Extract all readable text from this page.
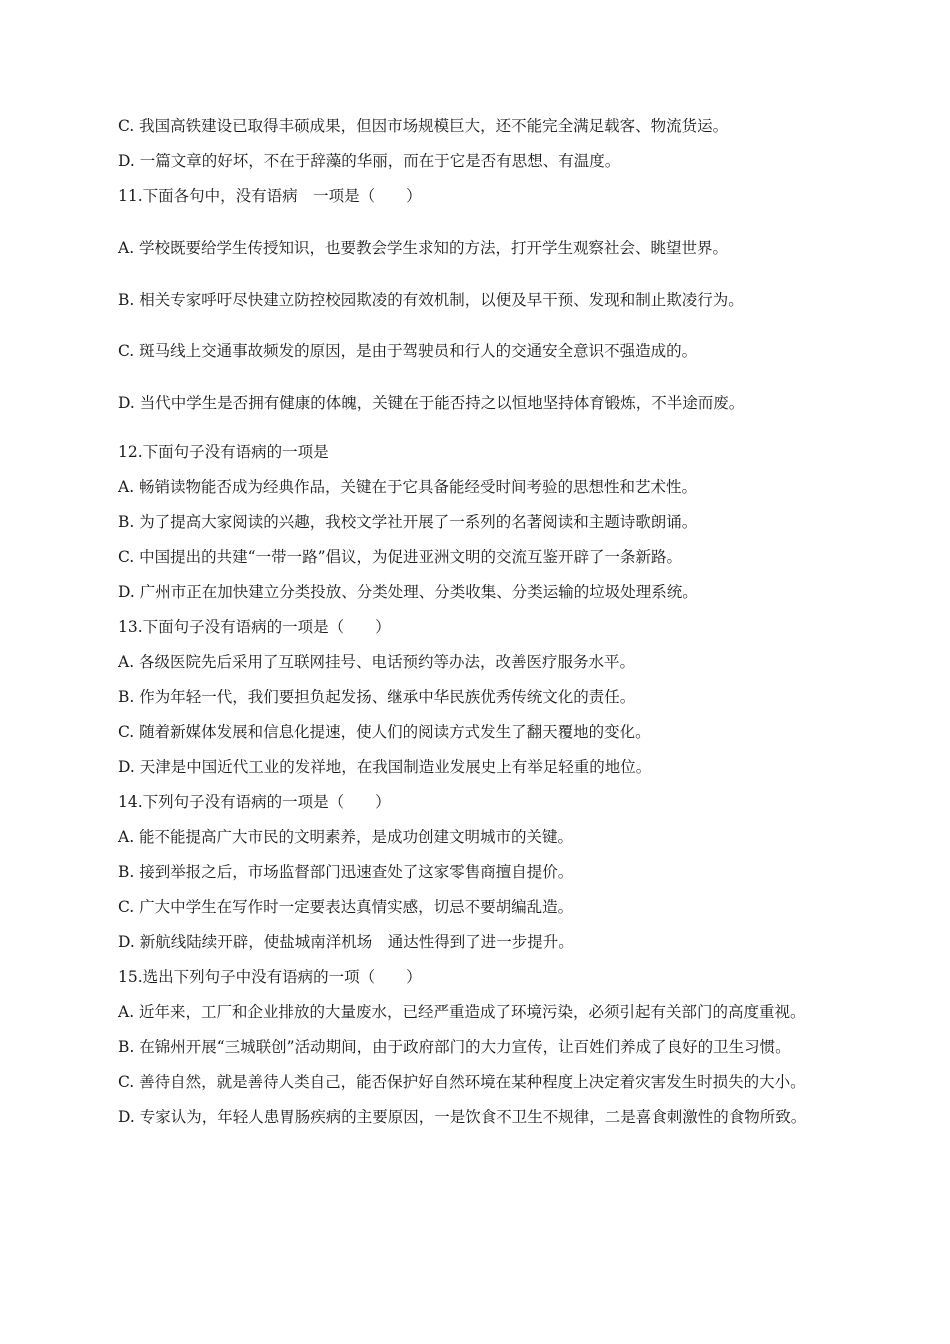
C. 我国高铁建设已取得丰硕成果，但因市场规模巨大，还不能完全满足载客、物流货运。
D. 一篇文章的好坏，不在于辞藻的华丽，而在于它是否有思想、有温度。
11.下面各句中，没有语病　一项是（　　）
A. 学校既要给学生传授知识，也要教会学生求知的方法，打开学生观察社会、眺望世界。
B. 相关专家呼吁尽快建立防控校园欺凌的有效机制，以便及早干预、发现和制止欺凌行为。
C. 斑马线上交通事故频发的原因，是由于驾驶员和行人的交通安全意识不强造成的。
D. 当代中学生是否拥有健康的体魄，关键在于能否持之以恒地坚持体育锻炼，不半途而废。
12.下面句子没有语病的一项是
A. 畅销读物能否成为经典作品，关键在于它具备能经受时间考验的思想性和艺术性。
B. 为了提高大家阅读的兴趣，我校文学社开展了一系列的名著阅读和主题诗歌朗诵。
C. 中国提出的共建“一带一路”倡议，为促进亚洲文明的交流互鉴开辟了一条新路。
D. 广州市正在加快建立分类投放、分类处理、分类收集、分类运输的垃圾处理系统。
13.下面句子没有语病的一项是（　　）
A. 各级医院先后采用了互联网挂号、电话预约等办法，改善医疗服务水平。
B. 作为年轻一代，我们要担负起发扬、继承中华民族优秀传统文化的责任。
C. 随着新媒体发展和信息化提速，使人们的阅读方式发生了翻天覆地的变化。
D. 天津是中国近代工业的发祥地，在我国制造业发展史上有举足轻重的地位。
14.下列句子没有语病的一项是（　　）
A. 能不能提高广大市民的文明素养，是成功创建文明城市的关键。
B. 接到举报之后，市场监督部门迅速查处了这家零售商擅自提价。
C. 广大中学生在写作时一定要表达真情实感，切忌不要胡编乱造。
D. 新航线陆续开辟，使盐城南洋机场　通达性得到了进一步提升。
15.选出下列句子中没有语病的一项（　　）
A. 近年来，工厂和企业排放的大量废水，已经严重造成了环境污染，必须引起有关部门的高度重视。
B. 在锦州开展“三城联创”活动期间，由于政府部门的大力宣传，让百姓们养成了良好的卫生习惯。
C. 善待自然，就是善待人类自己，能否保护好自然环境在某种程度上决定着灾害发生时损失的大小。
D. 专家认为，年轻人患胃肠疾病的主要原因，一是饮食不卫生不规律，二是喜食刺激性的食物所致。
